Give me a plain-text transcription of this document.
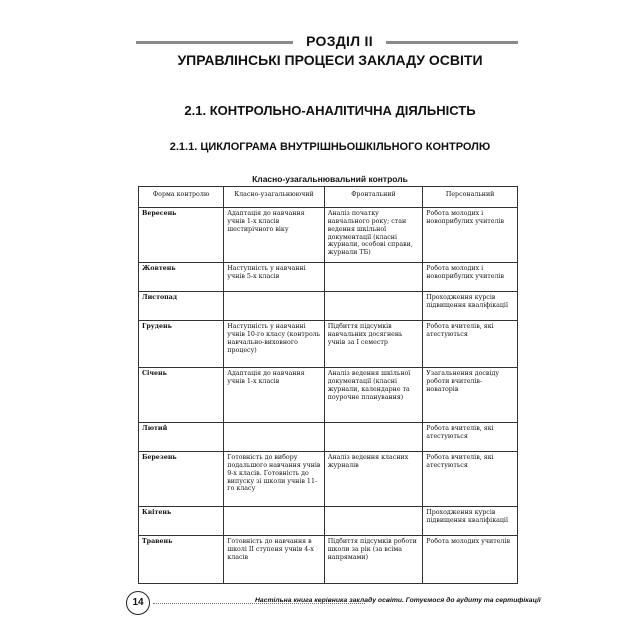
РОЗДІЛ ІІ
УПРАВЛІНСЬКІ ПРОЦЕСИ ЗАКЛАДУ ОСВІТИ
2.1. КОНТРОЛЬНО-АНАЛІТИЧНА ДІЯЛЬНІСТЬ
2.1.1. ЦИКЛОГРАМА ВНУТРІШНЬОШКІЛЬНОГО КОНТРОЛЮ
Класно-узагальнювальний контроль
Форма контролю	Класно-узагальнюючий	Фронтальний	Персональний
Вересень	Адаптація до навчання учнів 1-х класів шестирічного віку	Аналіз початку навчального року; стан ведення шкільної документації (класні журнали, особові справи, журнали ТБ)	Робота молодих і новоприбулих учителів
Жовтень	Наступність у навчанні учнів 5-х класів		Робота молодих і новоприбулих учителів
Листопад			Проходження курсів підвищення кваліфікації
Грудень	Наступність у навчанні учнів 10-го класу (контроль навчально-виховного процесу)	Підбиття підсумків навчальних досягнень учнів за І семестр	Робота вчителів, які атестуються
Січень	Адаптація до навчання учнів 1-х класів	Аналіз ведення шкільної документації (класні журнали, календарне та поурочне планування)	Узагальнення досвіду роботи вчителів-новаторів
Лютий			Робота вчителів, які атестуються
Березень	Готовність до вибору подальшого навчання учнів 9-х класів. Готовність до випуску зі школи учнів 11-го класу	Аналіз ведення класних журналів	Робота вчителів, які атестуються
Квітень			Проходження курсів підвищення кваліфікації
Травень	Готовність до навчання в школі ІІ ступеня учнів 4-х класів	Підбиття підсумків роботи школи за рік (за всіма напрямами)	Робота молодих учителів
14	Настільна книга керівника закладу освіти. Готуємося до аудиту та сертифікації
